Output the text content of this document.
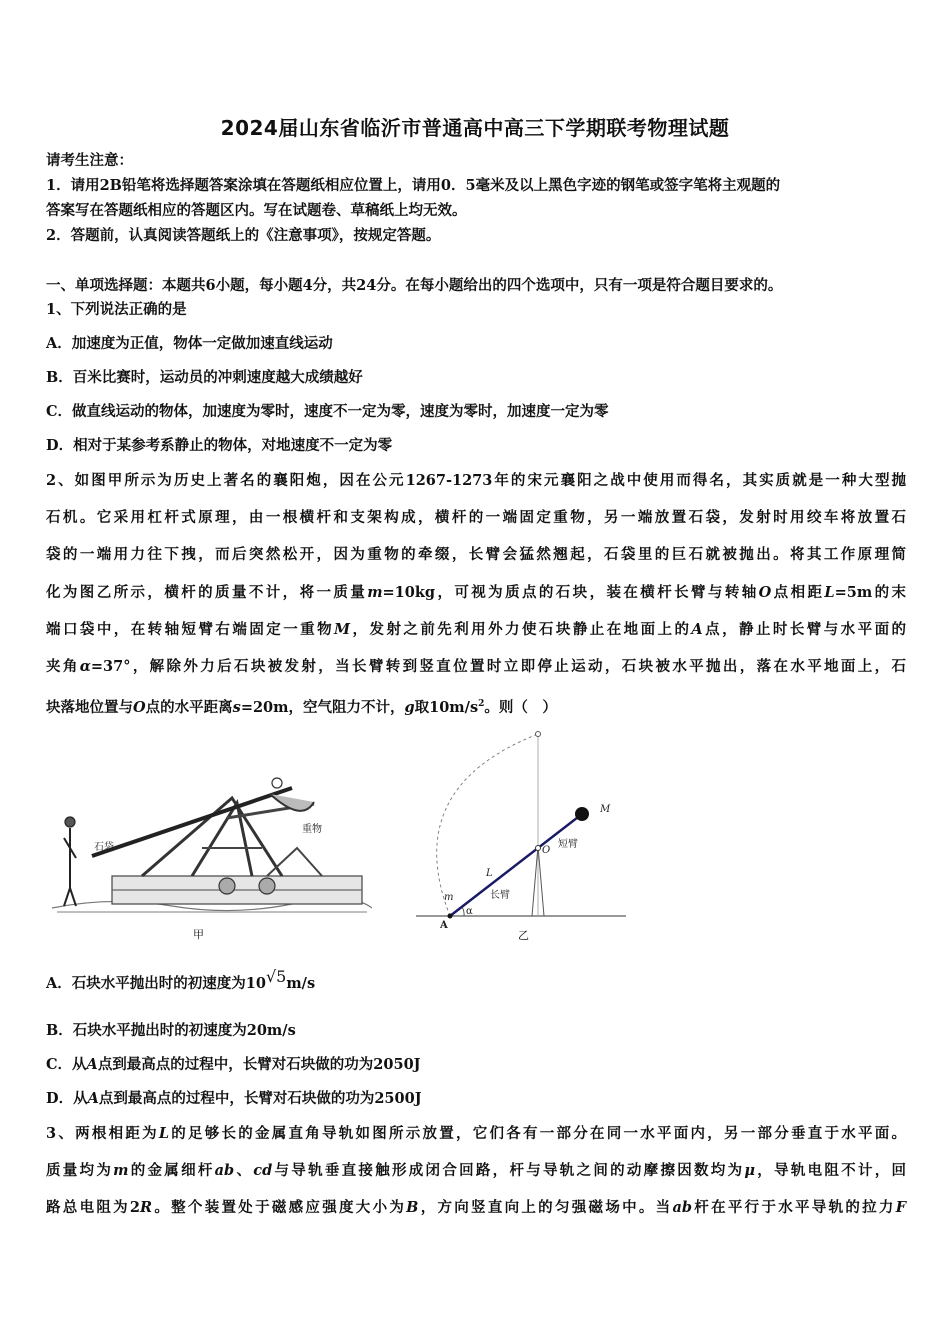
2024届山东省临沂市普通高中高三下学期联考物理试题
请考生注意：
1．请用2B铅笔将选择题答案涂填在答题纸相应位置上，请用0．5毫米及以上黑色字迹的钢笔或签字笔将主观题的
答案写在答题纸相应的答题区内。写在试题卷、草稿纸上均无效。
2．答题前，认真阅读答题纸上的《注意事项》，按规定答题。
一、单项选择题：本题共6小题，每小题4分，共24分。在每小题给出的四个选项中，只有一项是符合题目要求的。
1、下列说法正确的是
A．加速度为正值，物体一定做加速直线运动
B．百米比赛时，运动员的冲刺速度越大成绩越好
C．做直线运动的物体，加速度为零时，速度不一定为零，速度为零时，加速度一定为零
D．相对于某参考系静止的物体，对地速度不一定为零
2、如图甲所示为历史上著名的襄阳炮，因在公元1267-1273年的宋元襄阳之战中使用而得名，其实质就是一种大型抛
石机。它采用杠杆式原理，由一根横杆和支架构成，横杆的一端固定重物，另一端放置石袋，发射时用绞车将放置石
袋的一端用力往下拽，而后突然松开，因为重物的牵缀，长臂会猛然翘起，石袋里的巨石就被抛出。将其工作原理简
化为图乙所示，横杆的质量不计，将一质量m=10kg，可视为质点的石块，装在横杆长臂与转轴O点相距L=5m的末
端口袋中，在转轴短臂右端固定一重物M，发射之前先利用外力使石块静止在地面上的A点，静止时长臂与水平面的
夹角α=37°，解除外力后石块被发射，当长臂转到竖直位置时立即停止运动，石块被水平抛出，落在水平地面上，石
块落地位置与O点的水平距离s=20m，空气阻力不计，g取$10m/s^2$。则（　）
石袋
重物
甲
M
O
短臂
L
长臂
m
α
A
乙
A．石块水平抛出时的初速度为10√5m/s
B．石块水平抛出时的初速度为20m/s
C．从A点到最高点的过程中，长臂对石块做的功为2050J
D．从A点到最高点的过程中，长臂对石块做的功为2500J
3、两根相距为L的足够长的金属直角导轨如图所示放置，它们各有一部分在同一水平面内，另一部分垂直于水平面。
质量均为m的金属细杆ab、cd与导轨垂直接触形成闭合回路，杆与导轨之间的动摩擦因数均为μ，导轨电阻不计，回
路总电阻为2R。整个装置处于磁感应强度大小为B，方向竖直向上的匀强磁场中。当ab杆在平行于水平导轨的拉力F
